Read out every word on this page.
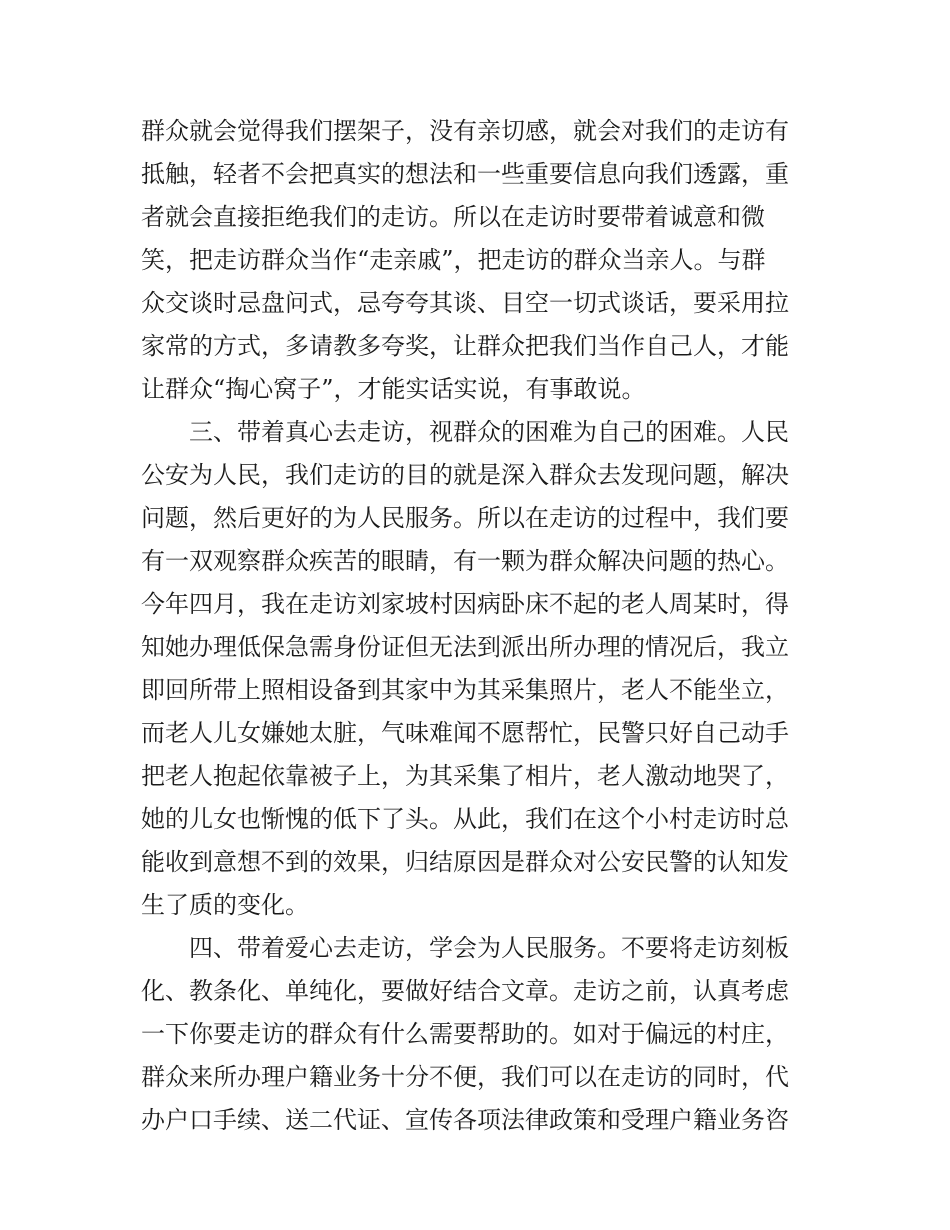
群众就会觉得我们摆架子，没有亲切感，就会对我们的走访有
抵触，轻者不会把真实的想法和一些重要信息向我们透露，重
者就会直接拒绝我们的走访。所以在走访时要带着诚意和微
笑，把走访群众当作“走亲戚”，把走访的群众当亲人。与群
众交谈时忌盘问式，忌夸夸其谈、目空一切式谈话，要采用拉
家常的方式，多请教多夸奖，让群众把我们当作自己人，才能
让群众“掏心窝子”，才能实话实说，有事敢说。
三、带着真心去走访，视群众的困难为自己的困难。人民
公安为人民，我们走访的目的就是深入群众去发现问题，解决
问题，然后更好的为人民服务。所以在走访的过程中，我们要
有一双观察群众疾苦的眼睛，有一颗为群众解决问题的热心。
今年四月，我在走访刘家坡村因病卧床不起的老人周某时，得
知她办理低保急需身份证但无法到派出所办理的情况后，我立
即回所带上照相设备到其家中为其采集照片，老人不能坐立，
而老人儿女嫌她太脏，气味难闻不愿帮忙，民警只好自己动手
把老人抱起依靠被子上，为其采集了相片，老人激动地哭了，
她的儿女也惭愧的低下了头。从此，我们在这个小村走访时总
能收到意想不到的效果，归结原因是群众对公安民警的认知发
生了质的变化。
四、带着爱心去走访，学会为人民服务。不要将走访刻板
化、教条化、单纯化，要做好结合文章。走访之前，认真考虑
一下你要走访的群众有什么需要帮助的。如对于偏远的村庄，
群众来所办理户籍业务十分不便，我们可以在走访的同时，代
办户口手续、送二代证、宣传各项法律政策和受理户籍业务咨
